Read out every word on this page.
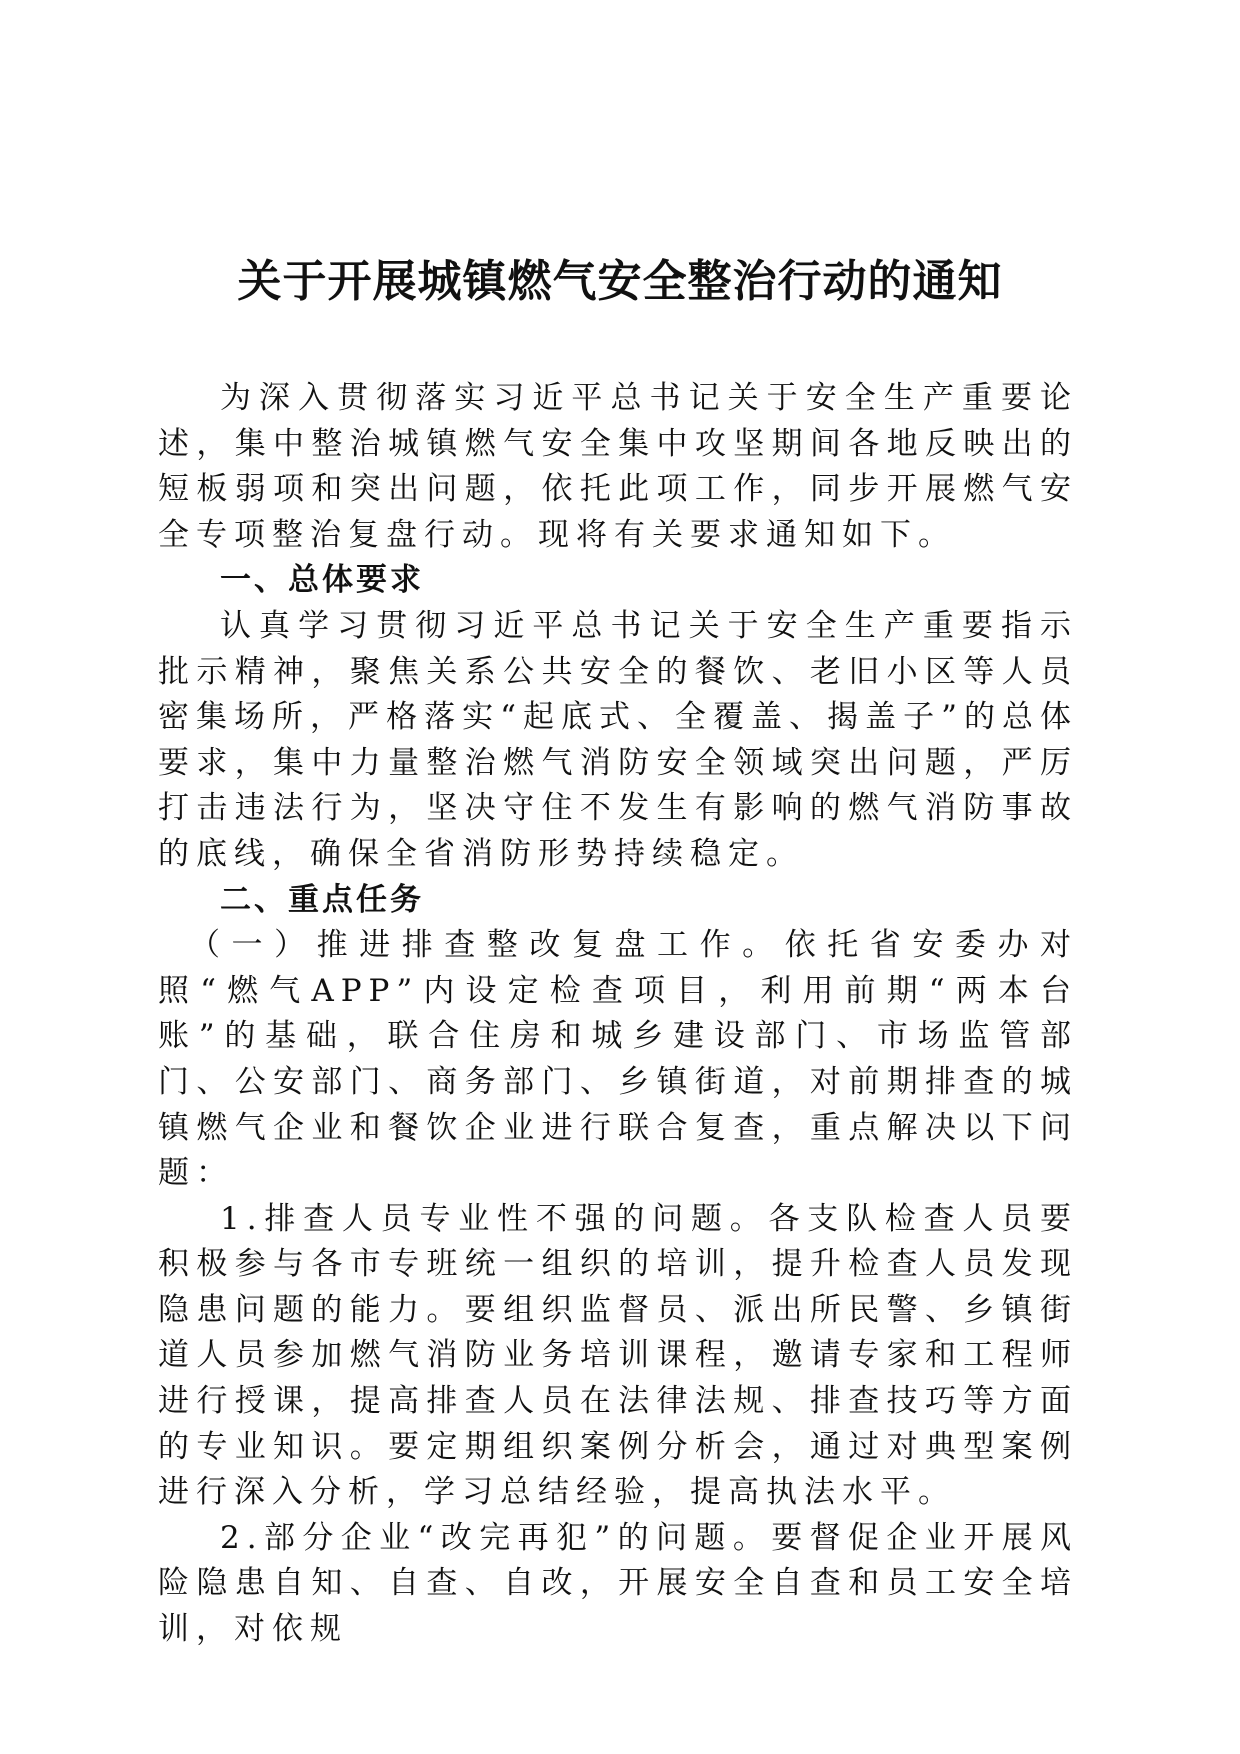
关于开展城镇燃气安全整治行动的通知

为深入贯彻落实习近平总书记关于安全生产重要论述，集中整治城镇燃气安全集中攻坚期间各地反映出的短板弱项和突出问题，依托此项工作，同步开展燃气安全专项整治复盘行动。现将有关要求通知如下。

一、总体要求

认真学习贯彻习近平总书记关于安全生产重要指示批示精神，聚焦关系公共安全的餐饮、老旧小区等人员密集场所，严格落实“起底式、全覆盖、揭盖子”的总体要求，集中力量整治燃气消防安全领域突出问题，严厉打击违法行为，坚决守住不发生有影响的燃气消防事故的底线，确保全省消防形势持续稳定。

二、重点任务

（一）推进排查整改复盘工作。依托省安委办对照“燃气APP”内设定检查项目，利用前期“两本台账”的基础，联合住房和城乡建设部门、市场监管部门、公安部门、商务部门、乡镇街道，对前期排查的城镇燃气企业和餐饮企业进行联合复查，重点解决以下问题：

1.排查人员专业性不强的问题。各支队检查人员要积极参与各市专班统一组织的培训，提升检查人员发现隐患问题的能力。要组织监督员、派出所民警、乡镇街道人员参加燃气消防业务培训课程，邀请专家和工程师进行授课，提高排查人员在法律法规、排查技巧等方面的专业知识。要定期组织案例分析会，通过对典型案例进行深入分析，学习总结经验，提高执法水平。

2.部分企业“改完再犯”的问题。要督促企业开展风险隐患自知、自查、自改，开展安全自查和员工安全培训，对依规
